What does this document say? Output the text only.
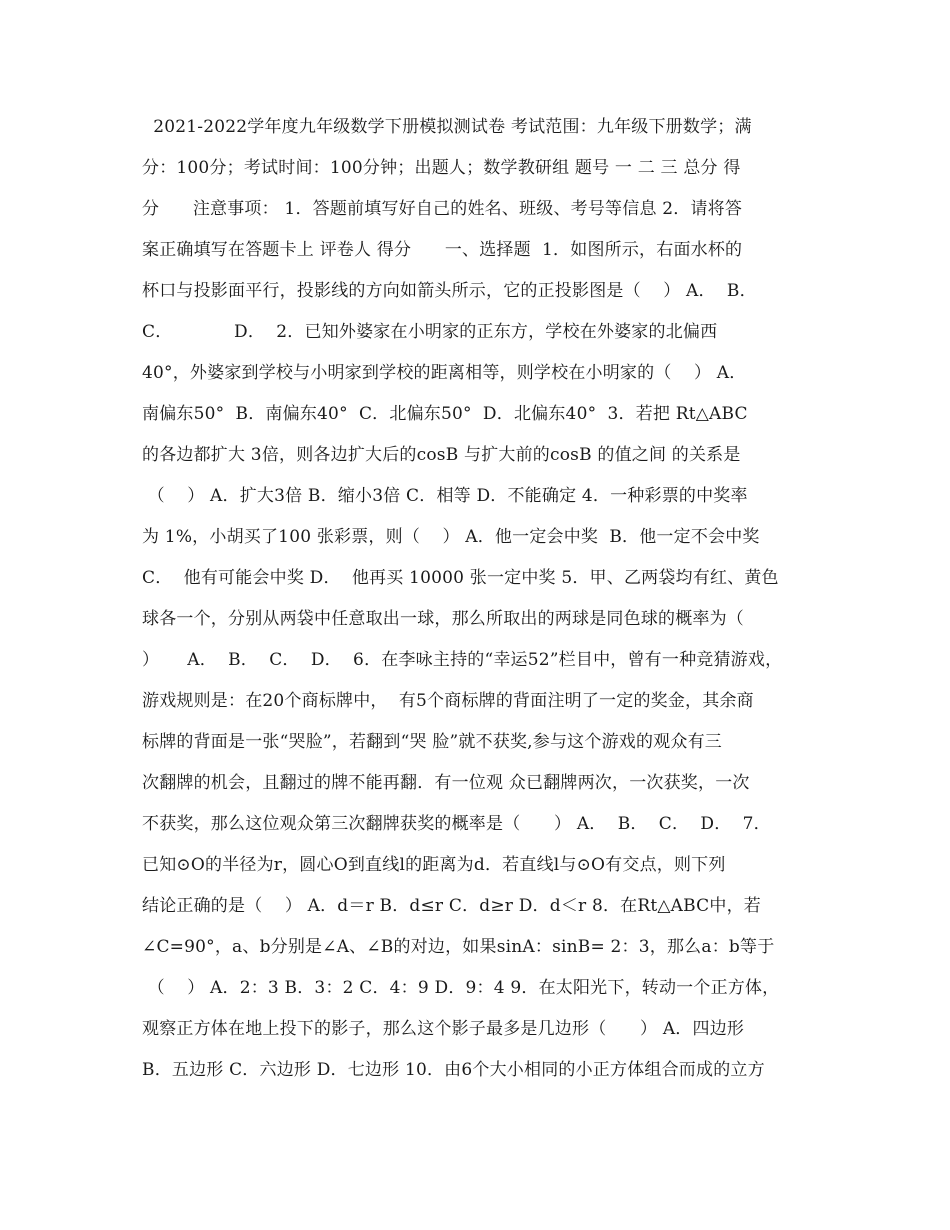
2021-2022学年度九年级数学下册模拟测试卷 考试范围：九年级下册数学；满
分：100分；考试时间：100分钟；出题人；数学教研组 题号 一 二 三 总分 得
分      注意事项： 1．答题前填写好自己的姓名、班级、考号等信息 2．请将答
案正确填写在答题卡上 评卷人 得分      一、选择题  1．如图所示，右面水杯的
杯口与投影面平行，投影线的方向如箭头所示，它的正投影图是（    ） A．  B．
C．           D．  2．已知外婆家在小明家的正东方，学校在外婆家的北偏西
40°，外婆家到学校与小明家到学校的距离相等，则学校在小明家的（    ） A．
南偏东50°  B．南偏东40°  C．北偏东50°  D．北偏东40°  3．若把 Rt△ABC
的各边都扩大 3倍，则各边扩大后的cosB 与扩大前的cosB 的值之间 的关系是
（    ） A．扩大3倍 B．缩小3倍 C．相等 D．不能确定 4．一种彩票的中奖率
为 1%，小胡买了100 张彩票，则（    ） A．他一定会中奖  B．他一定不会中奖
C．  他有可能会中奖 D．  他再买 10000 张一定中奖 5．甲、乙两袋均有红、黄色
球各一个，分别从两袋中任意取出一球，那么所取出的两球是同色球的概率为（
）     A．  B．  C．  D．  6．在李咏主持的“幸运52”栏目中，曾有一种竞猜游戏，
游戏规则是：在20个商标牌中，  有5个商标牌的背面注明了一定的奖金，其余商
标牌的背面是一张“哭脸”，若翻到“哭 脸”就不获奖,参与这个游戏的观众有三
次翻牌的机会，且翻过的牌不能再翻．有一位观 众已翻牌两次，一次获奖，一次
不获奖，那么这位观众第三次翻牌获奖的概率是（      ） A．  B．  C．  D．  7．
已知⊙O的半径为r，圆心O到直线l的距离为d．若直线l与⊙O有交点，则下列
结论正确的是（    ） A．d＝r B．d≤r C．d≥r D．d＜r 8．在Rt△ABC中，若
∠C=90°，a、b分别是∠A、∠B的对边，如果sinA：sinB= 2：3，那么a：b等于
（    ） A．2：3 B．3：2 C．4：9 D．9：4 9．在太阳光下，转动一个正方体，
观察正方体在地上投下的影子，那么这个影子最多是几边形（      ） A．四边形
B．五边形 C．六边形 D．七边形 10．由6个大小相同的小正方体组合而成的立方
